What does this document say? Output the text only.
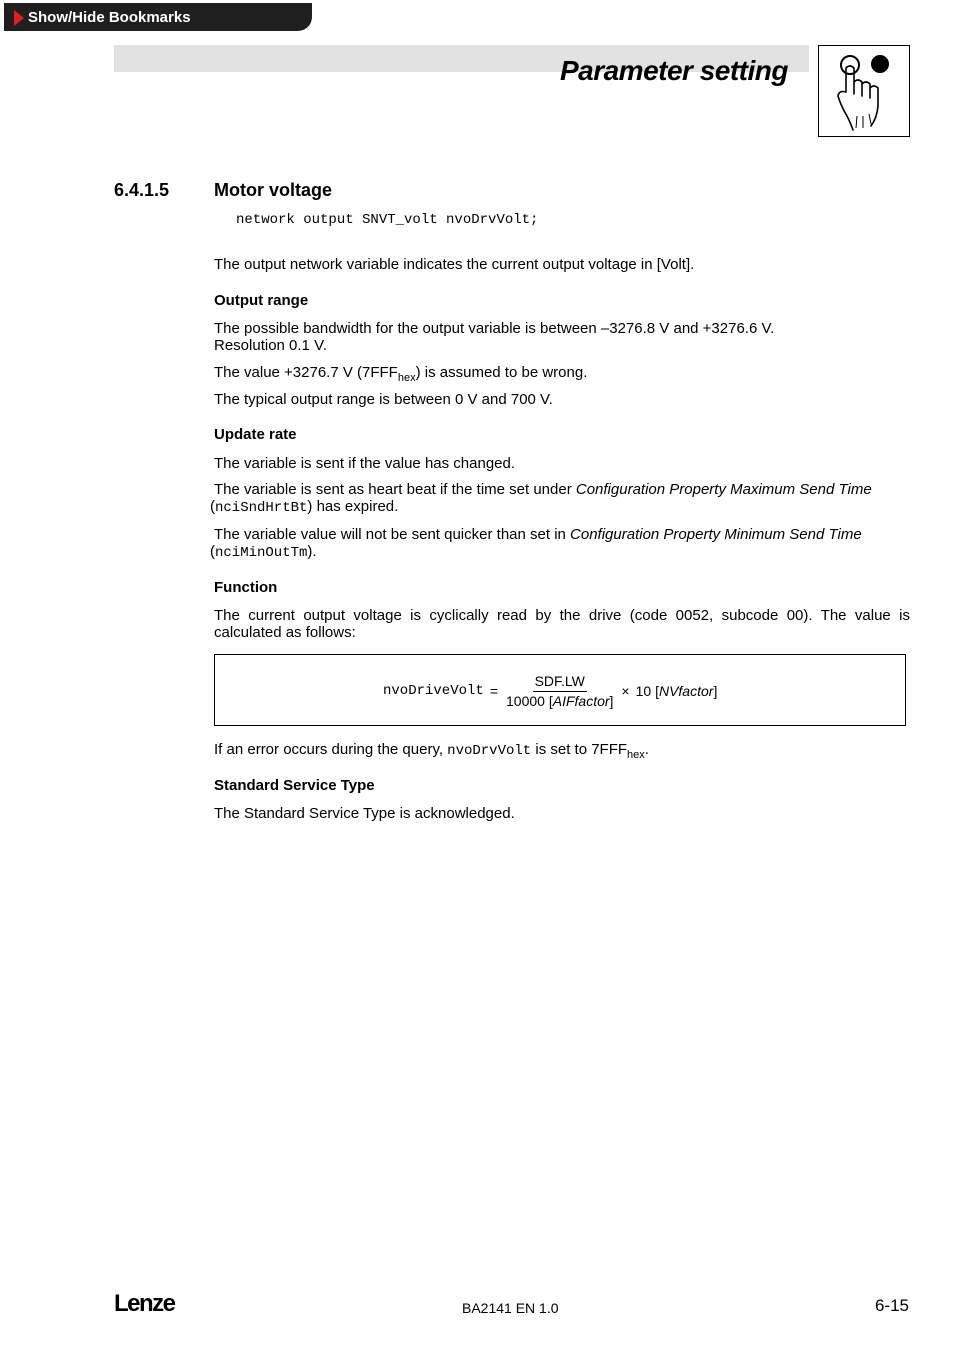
Show/Hide Bookmarks
Parameter setting
6.4.1.5 Motor voltage
network output SNVT_volt nvoDrvVolt;
The output network variable indicates the current output voltage in [Volt].
Output range
The possible bandwidth for the output variable is between –3276.8 V and +3276.6 V.
Resolution 0.1 V.
The value +3276.7 V $(7FFF_{hex})$ is assumed to be wrong.
The typical output range is between 0 V and 700 V.
Update rate
The variable is sent if the value has changed.
The variable is sent as heart beat if the time set under Configuration Property Maximum Send Time
(nciSndHrtBt) has expired.
The variable value will not be sent quicker than set in Configuration Property Minimum Send Time
(nciMinOutTm).
Function
The current output voltage is cyclically read by the drive (code 0052, subcode 00). The value is calculated as follows:
nvoDriveVolt = $\frac{\text{SDF.LW}}{\text{10000 [AIFfactor]}} \times 10$ [NVfactor]
If an error occurs during the query, nvoDrvVolt is set to $7FFF_{hex}$.
Standard Service Type
The Standard Service Type is acknowledged.
Lenze	BA2141 EN 1.0	6-15
